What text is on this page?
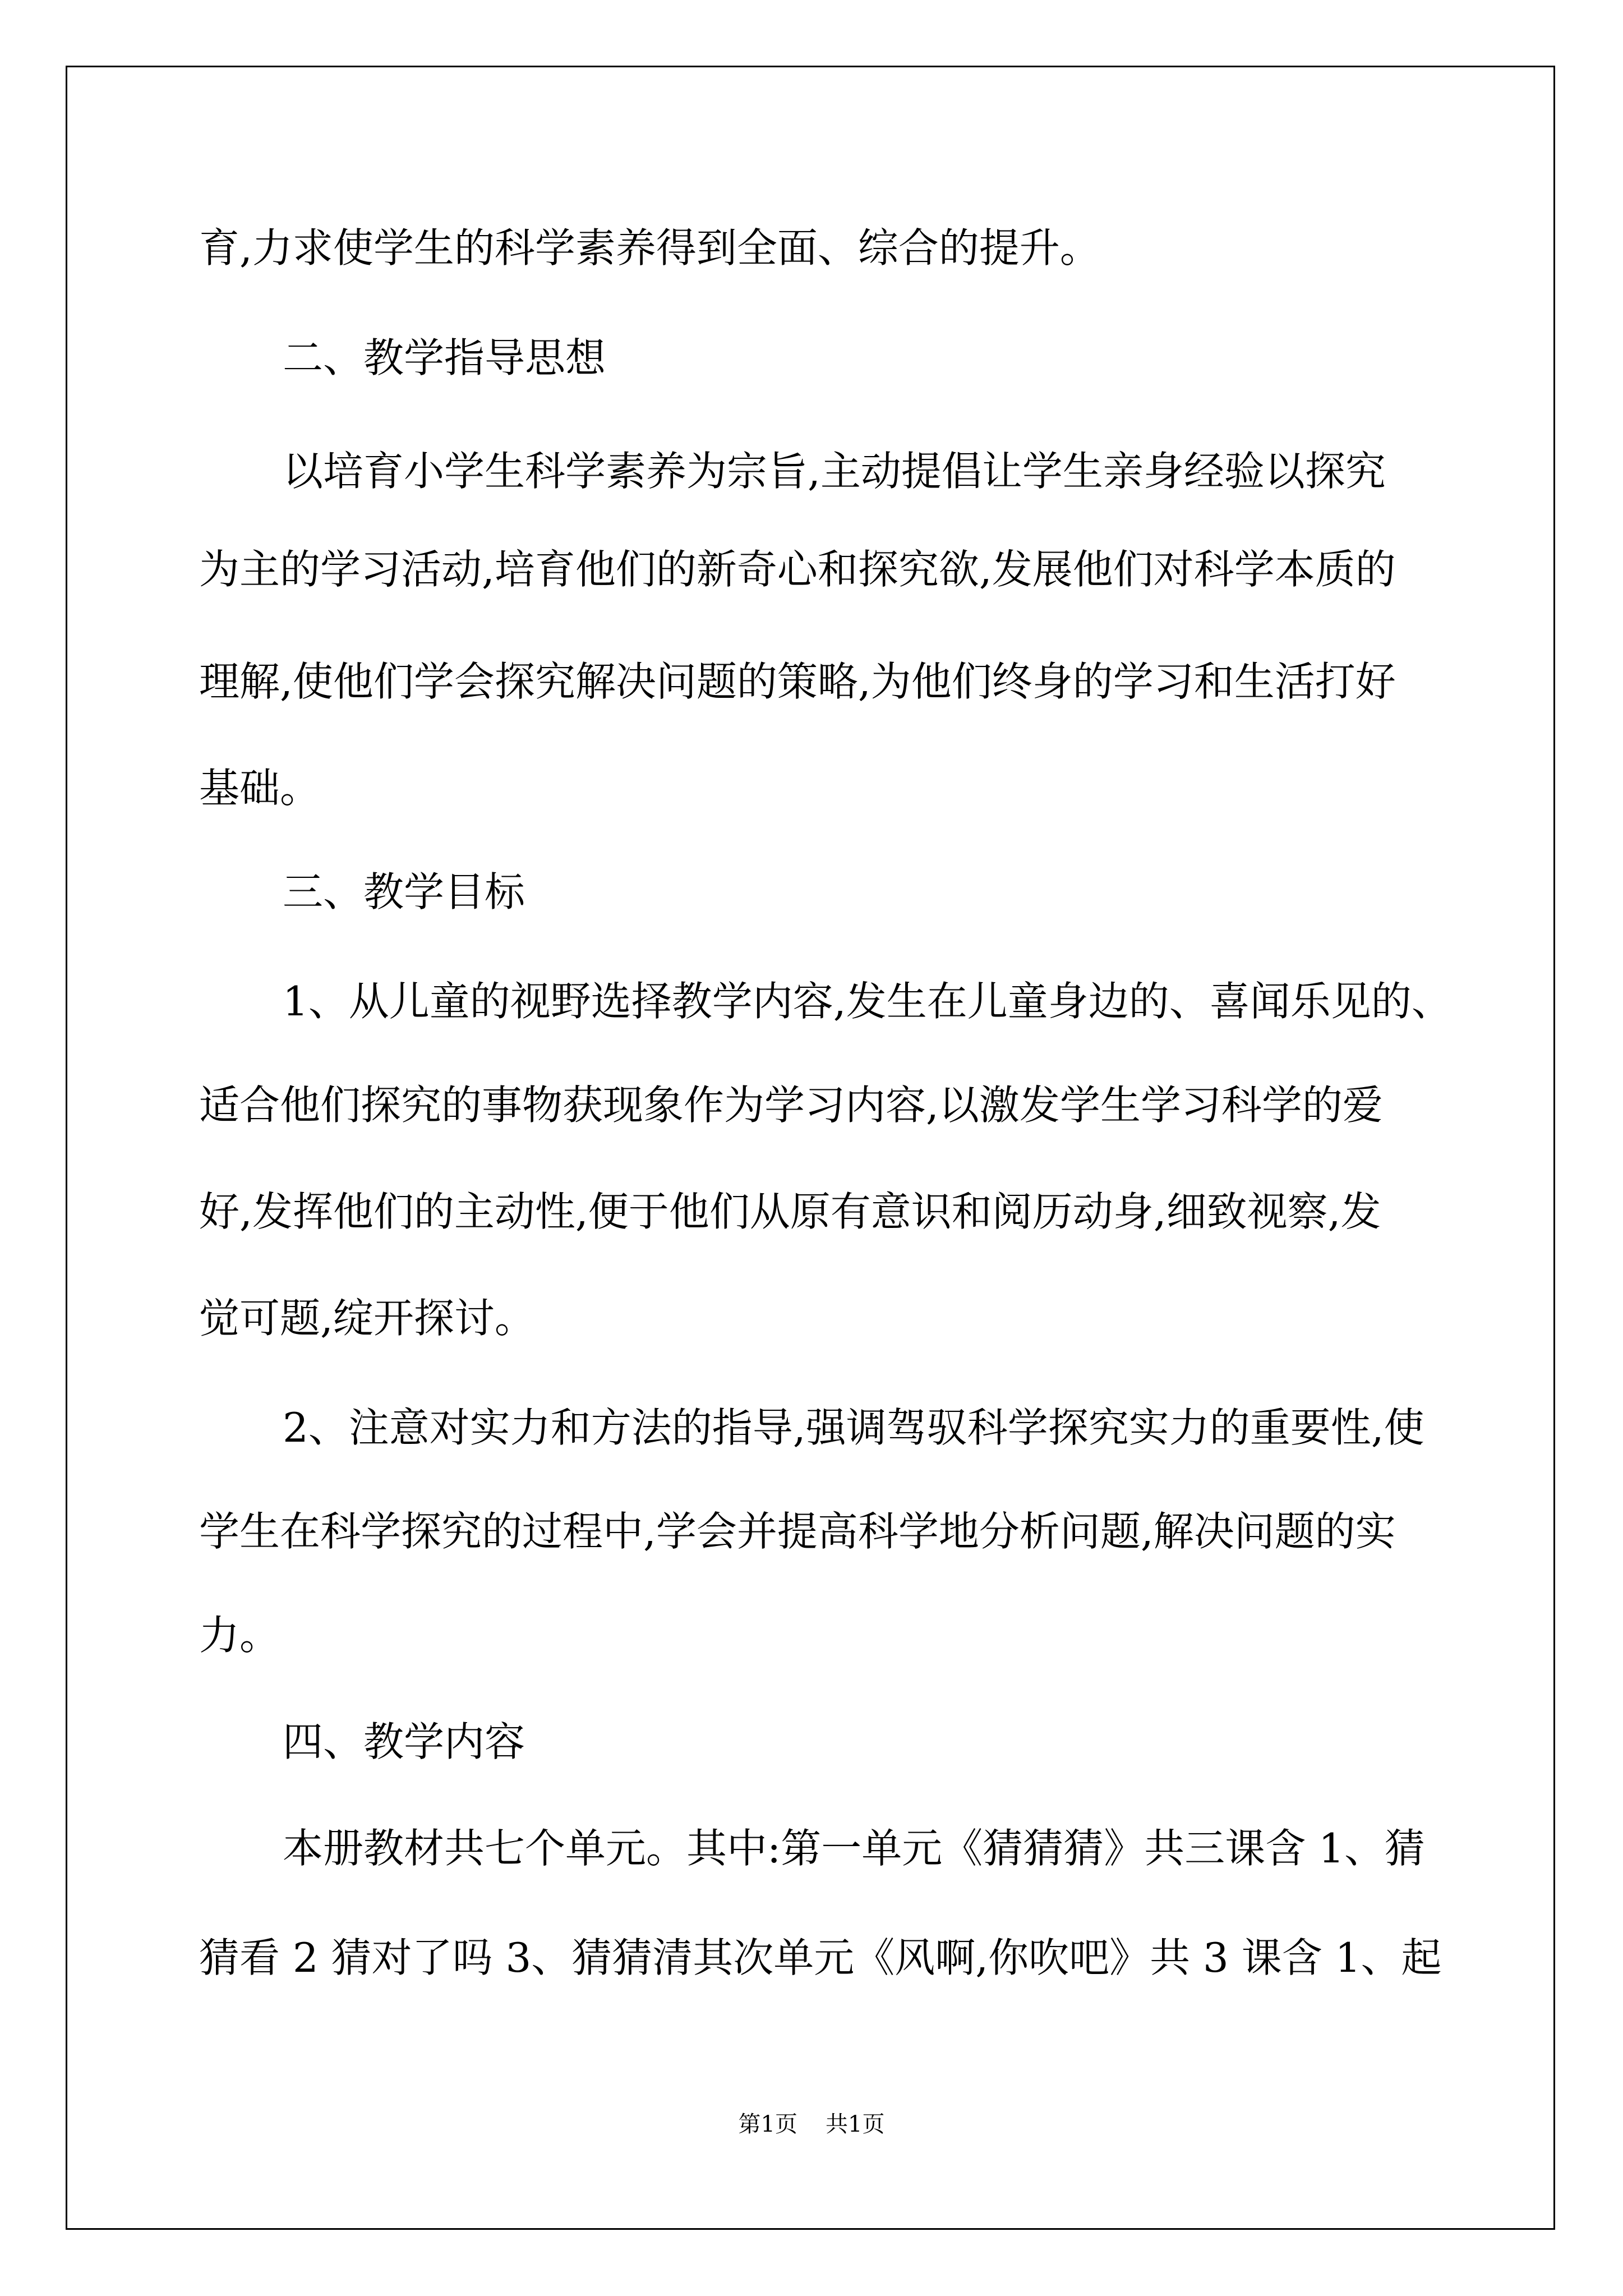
育,力求使学生的科学素养得到全面、综合的提升。

二、教学指导思想

以培育小学生科学素养为宗旨,主动提倡让学生亲身经验以探究

为主的学习活动,培育他们的新奇心和探究欲,发展他们对科学本质的

理解,使他们学会探究解决问题的策略,为他们终身的学习和生活打好

基础。

三、教学目标

1、从儿童的视野选择教学内容,发生在儿童身边的、喜闻乐见的、

适合他们探究的事物获现象作为学习内容,以激发学生学习科学的爱

好,发挥他们的主动性,便于他们从原有意识和阅历动身,细致视察,发

觉可题,绽开探讨。

2、注意对实力和方法的指导,强调驾驭科学探究实力的重要性,使

学生在科学探究的过程中,学会并提高科学地分析问题,解决问题的实

力。

四、教学内容

本册教材共七个单元。其中:第一单元《猜猜猜》共三课含 1、猜

猜看 2 猜对了吗 3、猜猜清其次单元《风啊,你吹吧》共 3 课含 1、起

第1页 共1页
